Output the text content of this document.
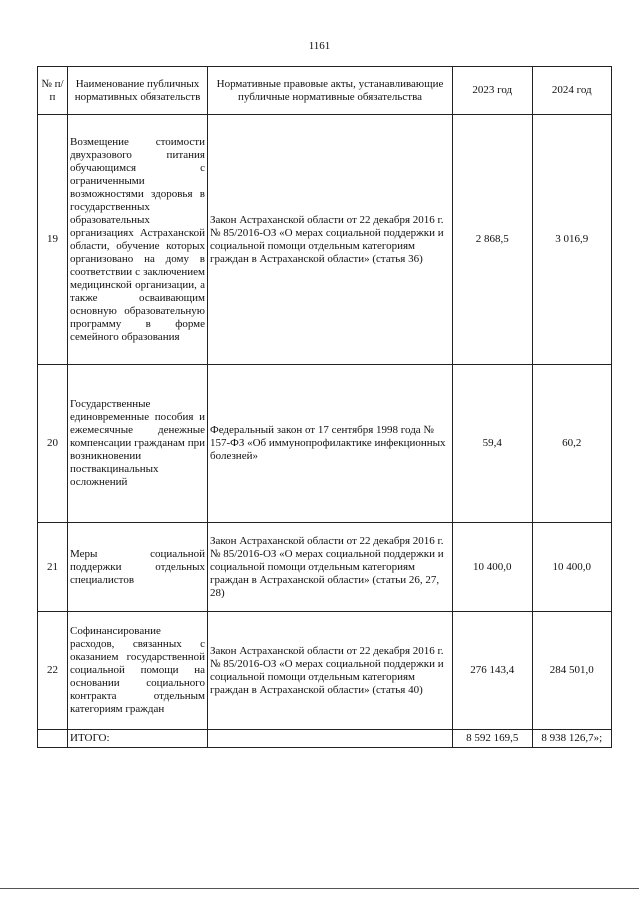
1161
№ п/п	Наименование публичных нормативных обязательств	Нормативные правовые акты, устанавливающие публичные нормативные обязательства	2023 год	2024 год
19	Возмещение стоимости двухразового питания обучающимся с ограниченными возможностями здоровья в государственных образовательных организациях Астраханской области, обучение которых организовано на дому в соответствии с заключением медицинской организации, а также осваивающим основную образовательную программу в форме семейного образования	Закон Астраханской области от 22 декабря 2016 г. № 85/2016-ОЗ «О мерах социальной поддержки и социальной помощи отдельным категориям граждан в Астраханской области» (статья 36)	2 868,5	3 016,9
20	Государственные единовременные пособия и ежемесячные денежные компенсации гражданам при возникновении поствакцинальных осложнений	Федеральный закон от 17 сентября 1998 года № 157-ФЗ «Об иммунопрофилактике инфекционных болезней»	59,4	60,2
21	Меры социальной поддержки отдельных специалистов	Закон Астраханской области от 22 декабря 2016 г. № 85/2016-ОЗ «О мерах социальной поддержки и социальной помощи отдельным категориям граждан в Астраханской области» (статьи 26, 27, 28)	10 400,0	10 400,0
22	Софинансирование расходов, связанных с оказанием государственной социальной помощи на основании социального контракта отдельным категориям граждан	Закон Астраханской области от 22 декабря 2016 г. № 85/2016-ОЗ «О мерах социальной поддержки и социальной помощи отдельным категориям граждан в Астраханской области» (статья 40)	276 143,4	284 501,0
	ИТОГО:		8 592 169,5	8 938 126,7»;
